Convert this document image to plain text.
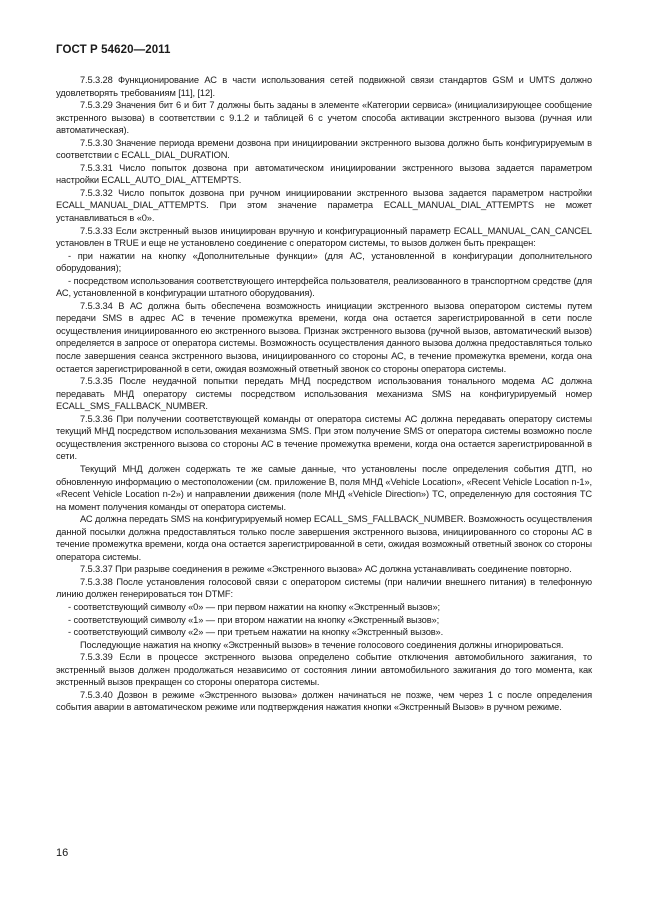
ГОСТ Р 54620—2011

7.5.3.28 Функционирование АС в части использования сетей подвижной связи стандартов GSM и UMTS должно удовлетворять требованиям [11], [12].

7.5.3.29 Значения бит 6 и бит 7 должны быть заданы в элементе «Категории сервиса» (инициализирующее сообщение экстренного вызова) в соответствии с 9.1.2 и таблицей 6 с учетом способа активации экстренного вызова (ручная или автоматическая).

7.5.3.30 Значение периода времени дозвона при инициировании экстренного вызова должно быть конфигурируемым в соответствии с ECALL_DIAL_DURATION.

7.5.3.31 Число попыток дозвона при автоматическом инициировании экстренного вызова задается параметром настройки ECALL_AUTO_DIAL_ATTEMPTS.

7.5.3.32 Число попыток дозвона при ручном инициировании экстренного вызова задается параметром настройки ECALL_MANUAL_DIAL_ATTEMPTS. При этом значение параметра ECALL_MANUAL_DIAL_ATTEMPTS не может устанавливаться в «0».

7.5.3.33 Если экстренный вызов инициирован вручную и конфигурационный параметр ECALL_MANUAL_CAN_CANCEL установлен в TRUE и еще не установлено соединение с оператором системы, то вызов должен быть прекращен:

- при нажатии на кнопку «Дополнительные функции» (для АС, установленной в конфигурации дополнительного оборудования);

- посредством использования соответствующего интерфейса пользователя, реализованного в транспортном средстве (для АС, установленной в конфигурации штатного оборудования).

7.5.3.34 В АС должна быть обеспечена возможность инициации экстренного вызова оператором системы путем передачи SMS в адрес АС в течение промежутка времени, когда она остается зарегистрированной в сети после осуществления инициированного ею экстренного вызова. Признак экстренного вызова (ручной вызов, автоматический вызов) определяется в запросе от оператора системы. Возможность осуществления данного вызова должна предоставляться только после завершения сеанса экстренного вызова, инициированного со стороны АС, в течение промежутка времени, когда она остается зарегистрированной в сети, ожидая возможный ответный звонок со стороны оператора системы.

7.5.3.35 После неудачной попытки передать МНД посредством использования тонального модема АС должна передавать МНД оператору системы посредством использования механизма SMS на конфигурируемый номер ECALL_SMS_FALLBACK_NUMBER.

7.5.3.36 При получении соответствующей команды от оператора системы АС должна передавать оператору системы текущий МНД посредством использования механизма SMS. При этом получение SMS от оператора системы возможно после осуществления экстренного вызова со стороны АС в течение промежутка времени, когда она остается зарегистрированной в сети.

Текущий МНД должен содержать те же самые данные, что установлены после определения события ДТП, но обновленную информацию о местоположении (см. приложение В, поля МНД «Vehicle Location», «Recent Vehicle Location n-1», «Recent Vehicle Location n-2») и направлении движения (поле МНД «Vehicle Direction») ТС, определенную для состояния ТС на момент получения команды от оператора системы.

АС должна передать SMS на конфигурируемый номер ECALL_SMS_FALLBACK_NUMBER. Возможность осуществления данной посылки должна предоставляться только после завершения экстренного вызова, инициированного со стороны АС в течение промежутка времени, когда она остается зарегистрированной в сети, ожидая возможный ответный звонок со стороны оператора системы.

7.5.3.37 При разрыве соединения в режиме «Экстренного вызова» АС должна устанавливать соединение повторно.

7.5.3.38 После установления голосовой связи с оператором системы (при наличии внешнего питания) в телефонную линию должен генерироваться тон DTMF:

- соответствующий символу «0» — при первом нажатии на кнопку «Экстренный вызов»;

- соответствующий символу «1» — при втором нажатии на кнопку «Экстренный вызов»;

- соответствующий символу «2» — при третьем нажатии на кнопку «Экстренный вызов».

Последующие нажатия на кнопку «Экстренный вызов» в течение голосового соединения должны игнорироваться.

7.5.3.39 Если в процессе экстренного вызова определено событие отключения автомобильного зажигания, то экстренный вызов должен продолжаться независимо от состояния линии автомобильного зажигания до того момента, как экстренный вызов прекращен со стороны оператора системы.

7.5.3.40 Дозвон в режиме «Экстренного вызова» должен начинаться не позже, чем через 1 с после определения события аварии в автоматическом режиме или подтверждения нажатия кнопки «Экстренный Вызов» в ручном режиме.

16
